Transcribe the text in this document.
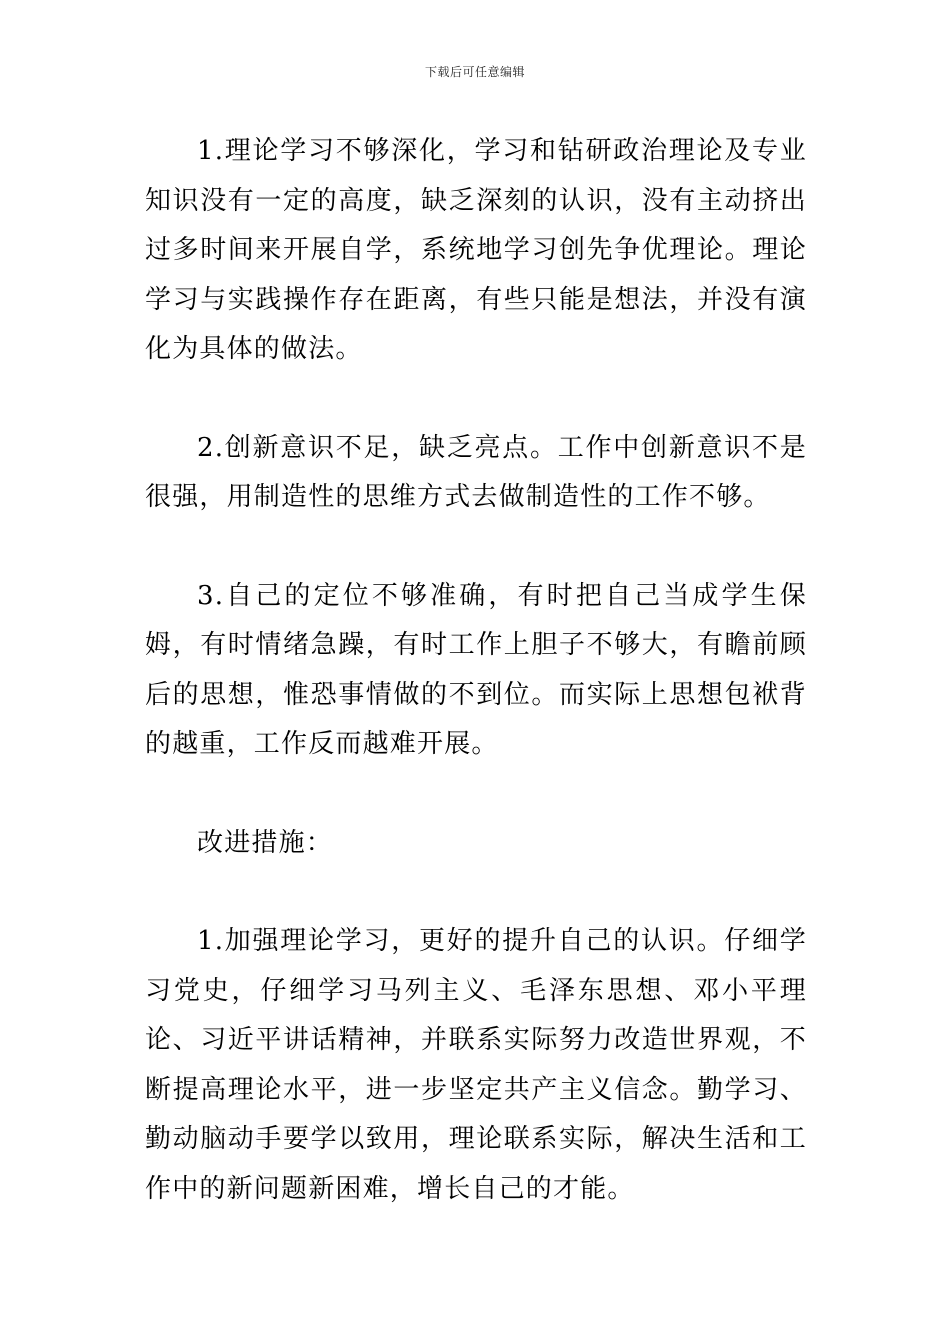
下载后可任意编辑

1.理论学习不够深化，学习和钻研政治理论及专业知识没有一定的高度，缺乏深刻的认识，没有主动挤出过多时间来开展自学，系统地学习创先争优理论。理论学习与实践操作存在距离，有些只能是想法，并没有演化为具体的做法。

2.创新意识不足，缺乏亮点。工作中创新意识不是很强，用制造性的思维方式去做制造性的工作不够。

3.自己的定位不够准确，有时把自己当成学生保姆，有时情绪急躁，有时工作上胆子不够大，有瞻前顾后的思想，惟恐事情做的不到位。而实际上思想包袱背的越重，工作反而越难开展。

改进措施：

1.加强理论学习，更好的提升自己的认识。仔细学习党史，仔细学习马列主义、毛泽东思想、邓小平理论、习近平讲话精神，并联系实际努力改造世界观，不断提高理论水平，进一步坚定共产主义信念。勤学习、勤动脑动手要学以致用，理论联系实际，解决生活和工作中的新问题新困难，增长自己的才能。
